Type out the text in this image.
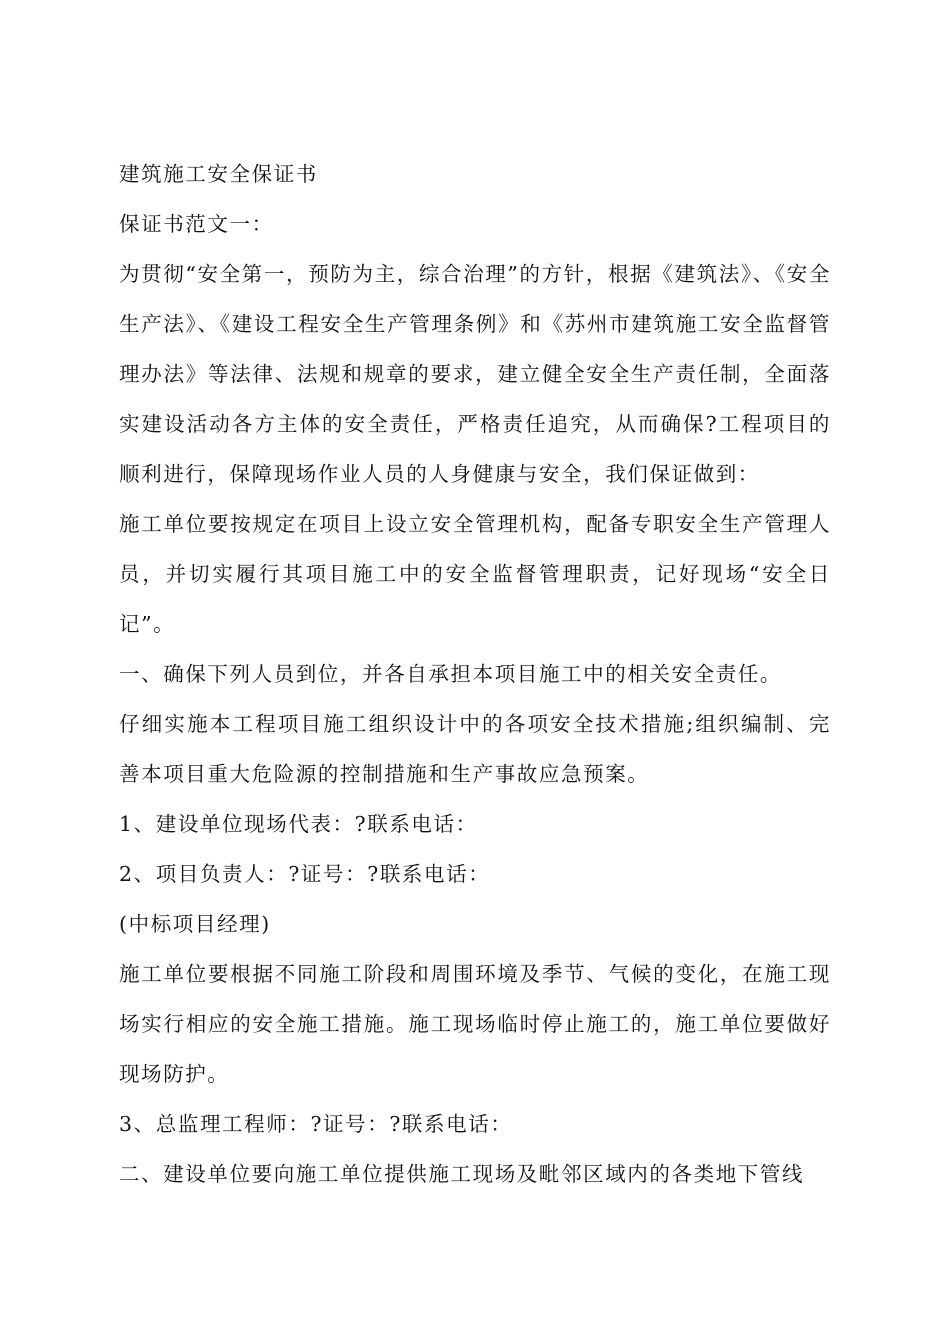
建筑施工安全保证书

保证书范文一：

为贯彻“安全第一，预防为主，综合治理”的方针，根据《建筑法》、《安全生产法》、《建设工程安全生产管理条例》和《苏州市建筑施工安全监督管理办法》等法律、法规和规章的要求，建立健全安全生产责任制，全面落实建设活动各方主体的安全责任，严格责任追究，从而确保?工程项目的顺利进行，保障现场作业人员的人身健康与安全，我们保证做到：

施工单位要按规定在项目上设立安全管理机构，配备专职安全生产管理人员，并切实履行其项目施工中的安全监督管理职责，记好现场“安全日记”。

一、确保下列人员到位，并各自承担本项目施工中的相关安全责任。

仔细实施本工程项目施工组织设计中的各项安全技术措施;组织编制、完善本项目重大危险源的控制措施和生产事故应急预案。

1、建设单位现场代表：?联系电话：

2、项目负责人：?证号：?联系电话：

(中标项目经理)

施工单位要根据不同施工阶段和周围环境及季节、气候的变化，在施工现场实行相应的安全施工措施。施工现场临时停止施工的，施工单位要做好现场防护。

3、总监理工程师：?证号：?联系电话：

二、建设单位要向施工单位提供施工现场及毗邻区域内的各类地下管线
